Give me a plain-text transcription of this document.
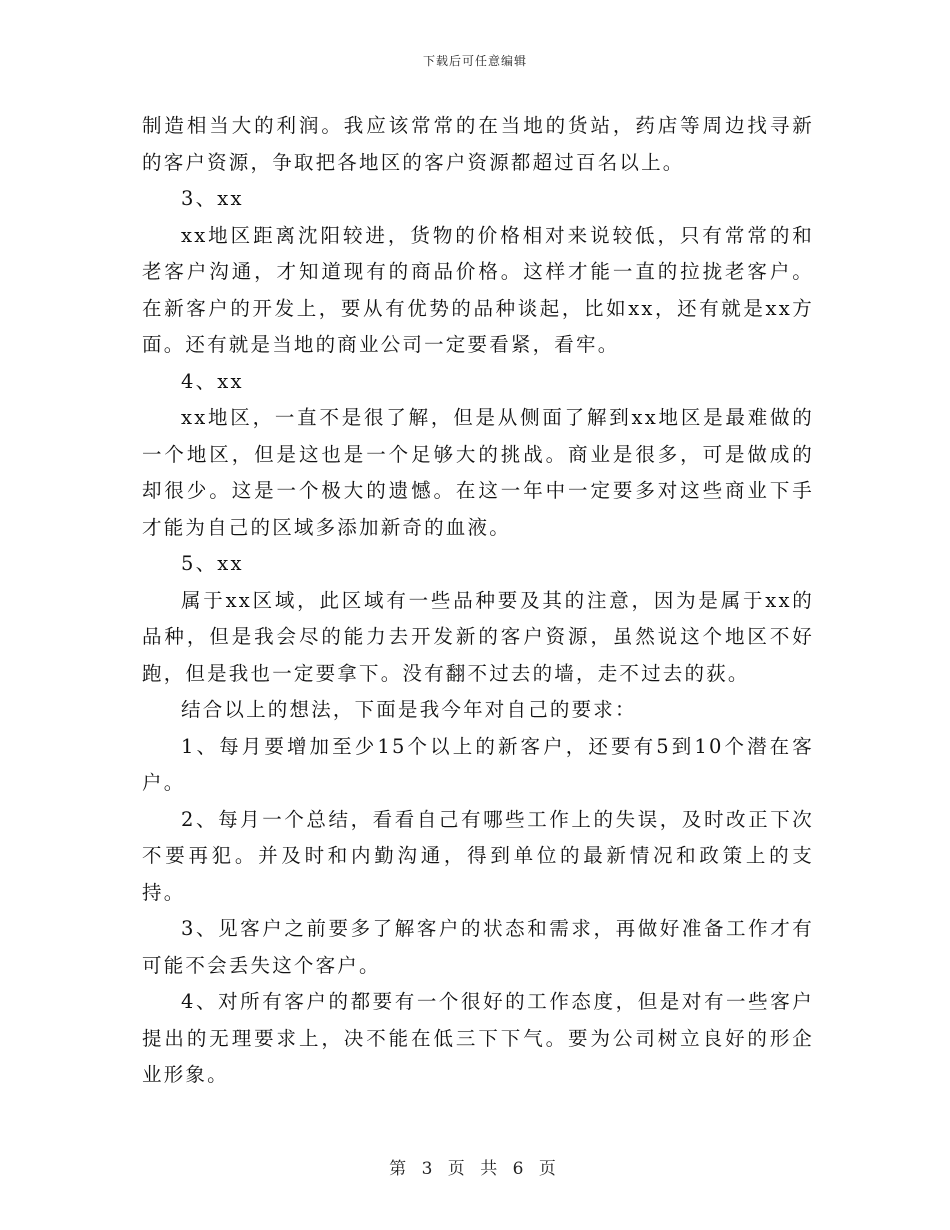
下载后可任意编辑

制造相当大的利润。我应该常常的在当地的货站，药店等周边找寻新的客户资源，争取把各地区的客户资源都超过百名以上。

3、xx

xx地区距离沈阳较进，货物的价格相对来说较低，只有常常的和老客户沟通，才知道现有的商品价格。这样才能一直的拉拢老客户。在新客户的开发上，要从有优势的品种谈起，比如xx，还有就是xx方面。还有就是当地的商业公司一定要看紧，看牢。

4、xx

xx地区，一直不是很了解，但是从侧面了解到xx地区是最难做的一个地区，但是这也是一个足够大的挑战。商业是很多，可是做成的却很少。这是一个极大的遗憾。在这一年中一定要多对这些商业下手才能为自己的区域多添加新奇的血液。

5、xx

属于xx区域，此区域有一些品种要及其的注意，因为是属于xx的品种，但是我会尽的能力去开发新的客户资源，虽然说这个地区不好跑，但是我也一定要拿下。没有翻不过去的墙，走不过去的荻。

结合以上的想法，下面是我今年对自己的要求：

1、每月要增加至少15个以上的新客户，还要有5到10个潜在客户。

2、每月一个总结，看看自己有哪些工作上的失误，及时改正下次不要再犯。并及时和内勤沟通，得到单位的最新情况和政策上的支持。

3、见客户之前要多了解客户的状态和需求，再做好准备工作才有可能不会丢失这个客户。

4、对所有客户的都要有一个很好的工作态度，但是对有一些客户提出的无理要求上，决不能在低三下下气。要为公司树立良好的形企业形象。

第 3 页 共 6 页
